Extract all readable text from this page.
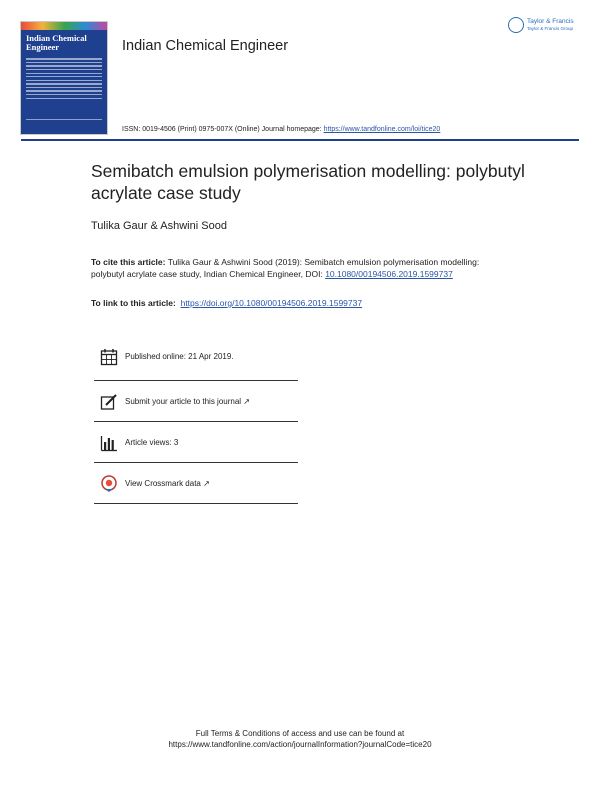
Indian Chemical Engineer	Indian Chemical Engineer
Taylor & Francis
Taylor & Francis Group
ISSN: 0019-4506 (Print) 0975-007X (Online) Journal homepage: https://www.tandfonline.com/loi/tice20
Semibatch emulsion polymerisation modelling: polybutyl acrylate case study
Tulika Gaur & Ashwini Sood
To cite this article: Tulika Gaur & Ashwini Sood (2019): Semibatch emulsion polymerisation modelling: polybutyl acrylate case study, Indian Chemical Engineer, DOI: 10.1080/00194506.2019.1599737
To link to this article: https://doi.org/10.1080/00194506.2019.1599737
Published online: 21 Apr 2019.
Submit your article to this journal ↗
Article views: 3
View Crossmark data ↗
Full Terms & Conditions of access and use can be found at
https://www.tandfonline.com/action/journalInformation?journalCode=tice20
